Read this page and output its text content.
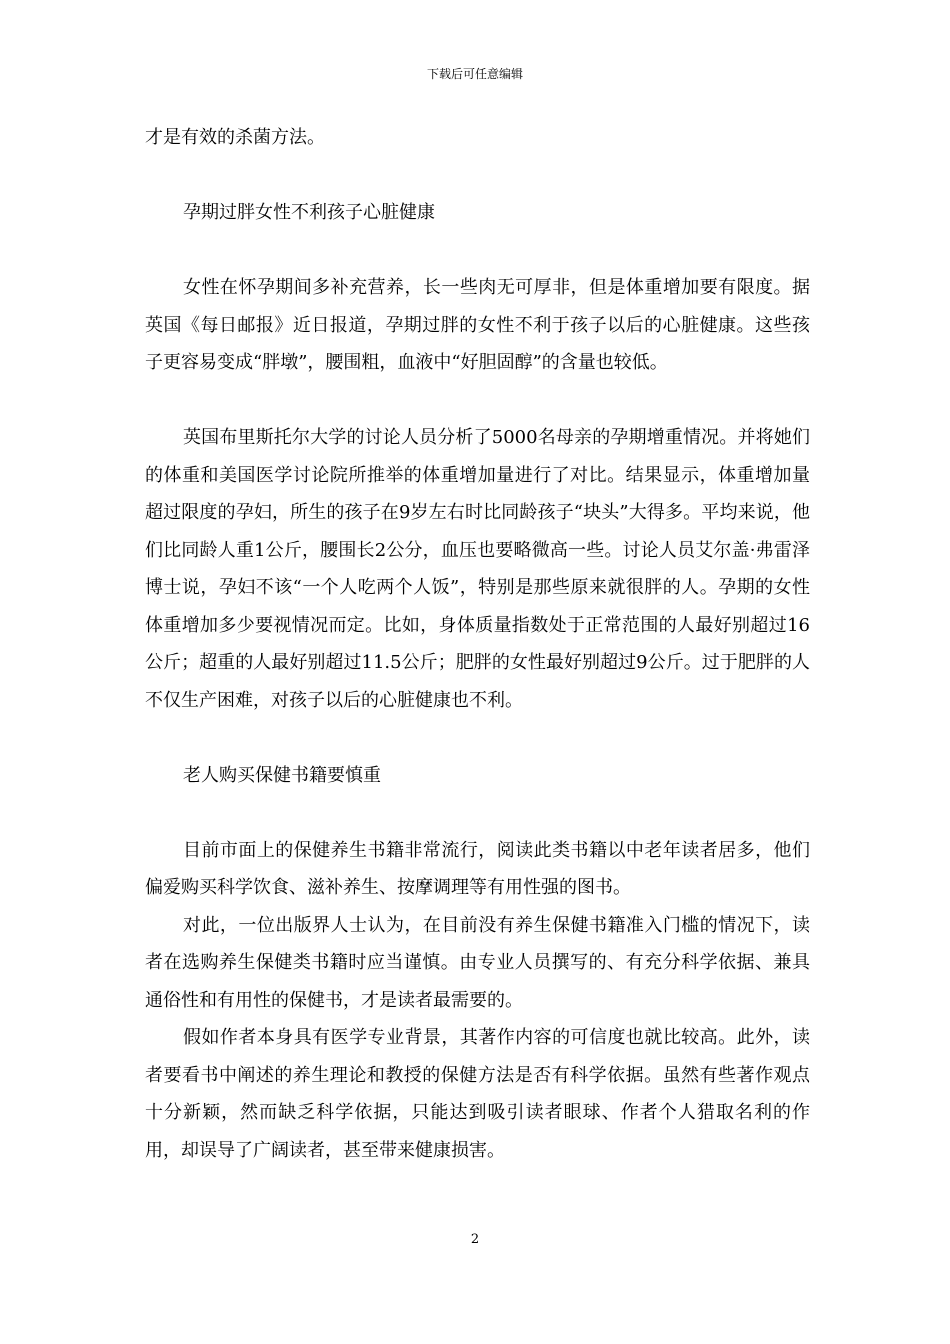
下载后可任意编辑

才是有效的杀菌方法。

孕期过胖女性不利孩子心脏健康

女性在怀孕期间多补充营养，长一些肉无可厚非，但是体重增加要有限度。据英国《每日邮报》近日报道，孕期过胖的女性不利于孩子以后的心脏健康。这些孩子更容易变成“胖墩”，腰围粗，血液中“好胆固醇”的含量也较低。

英国布里斯托尔大学的讨论人员分析了5000名母亲的孕期增重情况。并将她们的体重和美国医学讨论院所推举的体重增加量进行了对比。结果显示，体重增加量超过限度的孕妇，所生的孩子在9岁左右时比同龄孩子“块头”大得多。平均来说，他们比同龄人重1公斤，腰围长2公分，血压也要略微高一些。讨论人员艾尔盖·弗雷泽博士说，孕妇不该“一个人吃两个人饭”，特别是那些原来就很胖的人。孕期的女性体重增加多少要视情况而定。比如，身体质量指数处于正常范围的人最好别超过16公斤；超重的人最好别超过11.5公斤；肥胖的女性最好别超过9公斤。过于肥胖的人不仅生产困难，对孩子以后的心脏健康也不利。

老人购买保健书籍要慎重

目前市面上的保健养生书籍非常流行，阅读此类书籍以中老年读者居多，他们偏爱购买科学饮食、滋补养生、按摩调理等有用性强的图书。

对此，一位出版界人士认为，在目前没有养生保健书籍准入门槛的情况下，读者在选购养生保健类书籍时应当谨慎。由专业人员撰写的、有充分科学依据、兼具通俗性和有用性的保健书，才是读者最需要的。

假如作者本身具有医学专业背景，其著作内容的可信度也就比较高。此外，读者要看书中阐述的养生理论和教授的保健方法是否有科学依据。虽然有些著作观点十分新颖，然而缺乏科学依据，只能达到吸引读者眼球、作者个人猎取名利的作用，却误导了广阔读者，甚至带来健康损害。

2
